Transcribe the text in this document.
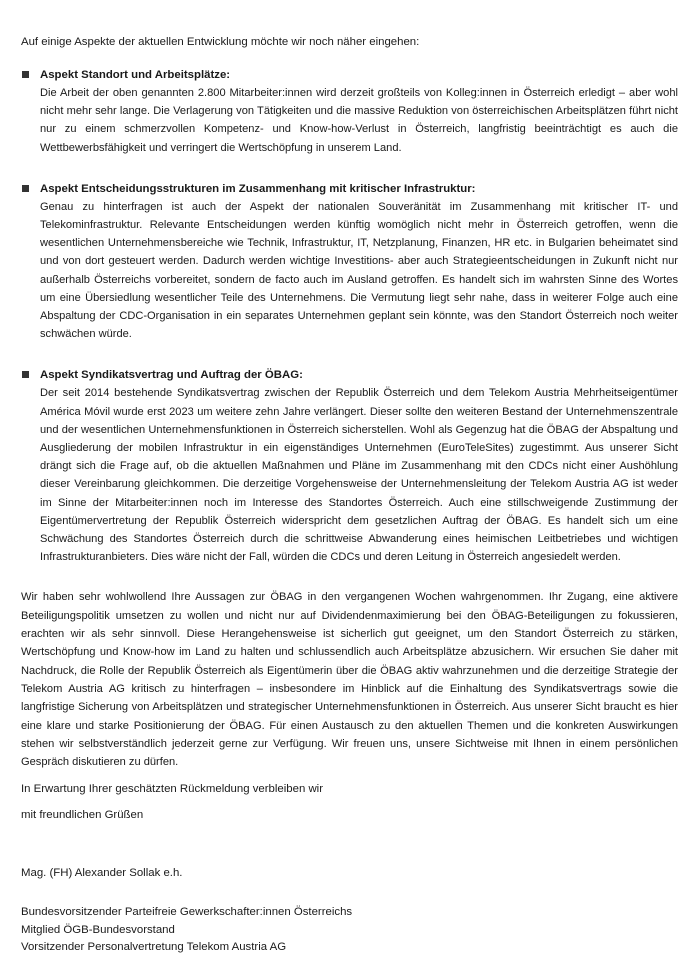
Auf einige Aspekte der aktuellen Entwicklung möchte wir noch näher eingehen:

Aspekt Standort und Arbeitsplätze:

Die Arbeit der oben genannten 2.800 Mitarbeiter:innen wird derzeit großteils von Kolleg:innen in Österreich erledigt – aber wohl nicht mehr sehr lange. Die Verlagerung von Tätigkeiten und die massive Reduktion von österreichischen Arbeitsplätzen führt nicht nur zu einem schmerzvollen Kompetenz- und Know-how-Verlust in Österreich, langfristig beeinträchtigt es auch die Wettbewerbsfähigkeit und verringert die Wertschöpfung in unserem Land.

Aspekt Entscheidungsstrukturen im Zusammenhang mit kritischer Infrastruktur:

Genau zu hinterfragen ist auch der Aspekt der nationalen Souveränität im Zusammenhang mit kritischer IT- und Telekominfrastruktur. Relevante Entscheidungen werden künftig womöglich nicht mehr in Österreich getroffen, wenn die wesentlichen Unternehmensbereiche wie Technik, Infrastruktur, IT, Netzplanung, Finanzen, HR etc. in Bulgarien beheimatet sind und von dort gesteuert werden. Dadurch werden wichtige Investitions- aber auch Strategieentscheidungen in Zukunft nicht nur außerhalb Österreichs vorbereitet, sondern de facto auch im Ausland getroffen. Es handelt sich im wahrsten Sinne des Wortes um eine Übersiedlung wesentlicher Teile des Unternehmens. Die Vermutung liegt sehr nahe, dass in weiterer Folge auch eine Abspaltung der CDC-Organisation in ein separates Unternehmen geplant sein könnte, was den Standort Österreich noch weiter schwächen würde.

Aspekt Syndikatsvertrag und Auftrag der ÖBAG:

Der seit 2014 bestehende Syndikatsvertrag zwischen der Republik Österreich und dem Telekom Austria Mehrheitseigentümer América Móvil wurde erst 2023 um weitere zehn Jahre verlängert. Dieser sollte den weiteren Bestand der Unternehmenszentrale und der wesentlichen Unternehmensfunktionen in Österreich sicherstellen. Wohl als Gegenzug hat die ÖBAG der Abspaltung und Ausgliederung der mobilen Infrastruktur in ein eigenständiges Unternehmen (EuroTeleSites) zugestimmt. Aus unserer Sicht drängt sich die Frage auf, ob die aktuellen Maßnahmen und Pläne im Zusammenhang mit den CDCs nicht einer Aushöhlung dieser Vereinbarung gleichkommen. Die derzeitige Vorgehensweise der Unternehmensleitung der Telekom Austria AG ist weder im Sinne der Mitarbeiter:innen noch im Interesse des Standortes Österreich. Auch eine stillschweigende Zustimmung der Eigentümervertretung der Republik Österreich widerspricht dem gesetzlichen Auftrag der ÖBAG. Es handelt sich um eine Schwächung des Standortes Österreich durch die schrittweise Abwanderung eines heimischen Leitbetriebes und wichtigen Infrastrukturanbieters. Dies wäre nicht der Fall, würden die CDCs und deren Leitung in Österreich angesiedelt werden.

Wir haben sehr wohlwollend Ihre Aussagen zur ÖBAG in den vergangenen Wochen wahrgenommen. Ihr Zugang, eine aktivere Beteiligungspolitik umsetzen zu wollen und nicht nur auf Dividendenmaximierung bei den ÖBAG-Beteiligungen zu fokussieren, erachten wir als sehr sinnvoll. Diese Herangehensweise ist sicherlich gut geeignet, um den Standort Österreich zu stärken, Wertschöpfung und Know-how im Land zu halten und schlussendlich auch Arbeitsplätze abzusichern. Wir ersuchen Sie daher mit Nachdruck, die Rolle der Republik Österreich als Eigentümerin über die ÖBAG aktiv wahrzunehmen und die derzeitige Strategie der Telekom Austria AG kritisch zu hinterfragen – insbesondere im Hinblick auf die Einhaltung des Syndikatsvertrags sowie die langfristige Sicherung von Arbeitsplätzen und strategischer Unternehmensfunktionen in Österreich. Aus unserer Sicht braucht es hier eine klare und starke Positionierung der ÖBAG. Für einen Austausch zu den aktuellen Themen und die konkreten Auswirkungen stehen wir selbstverständlich jederzeit gerne zur Verfügung. Wir freuen uns, unsere Sichtweise mit Ihnen in einem persönlichen Gespräch diskutieren zu dürfen.

In Erwartung Ihrer geschätzten Rückmeldung verbleiben wir

mit freundlichen Grüßen

Mag. (FH) Alexander Sollak e.h.

Bundesvorsitzender Parteifreie Gewerkschafter:innen Österreichs

Mitglied ÖGB-Bundesvorstand

Vorsitzender Personalvertretung Telekom Austria AG
